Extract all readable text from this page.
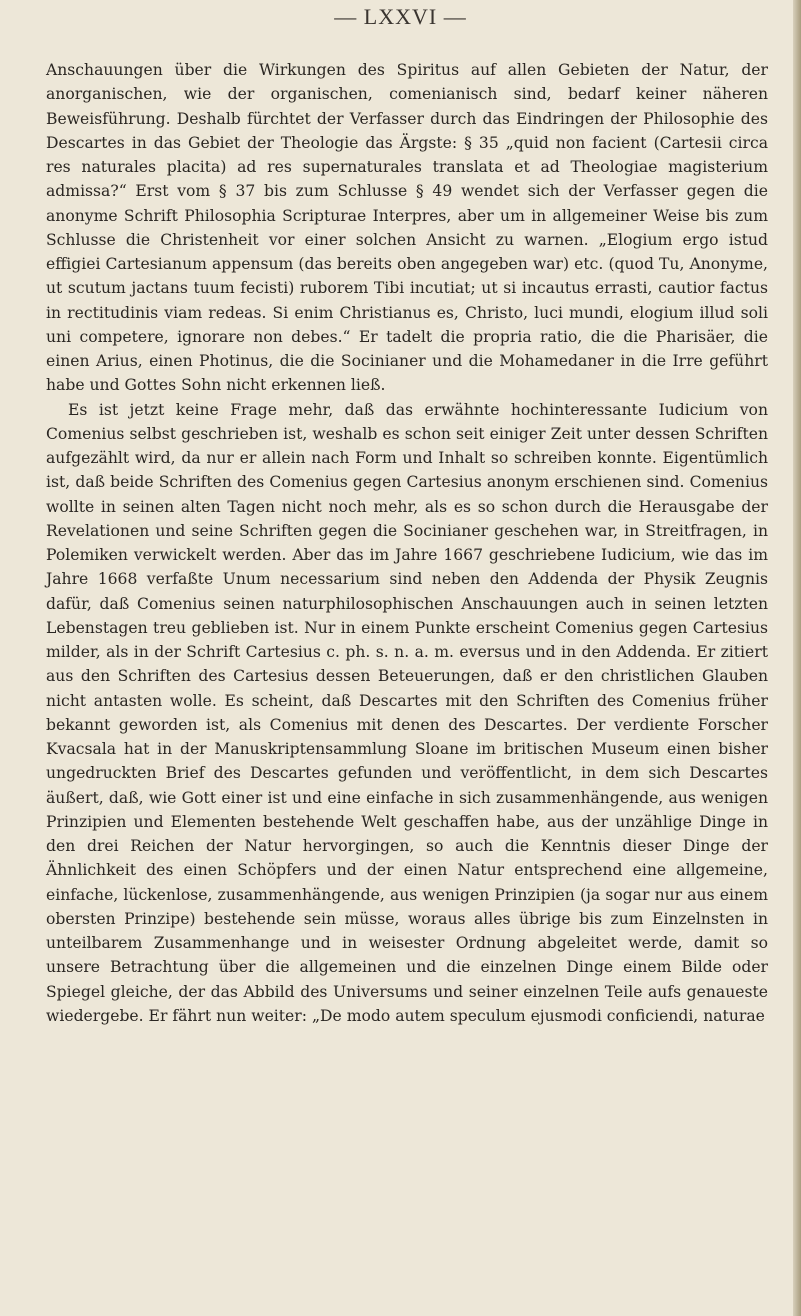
— LXXVI —

Anschauungen über die Wirkungen des Spiritus auf allen Gebieten der Natur, der anorganischen, wie der organischen, comenianisch sind, bedarf keiner näheren Beweisführung. Deshalb fürchtet der Verfasser durch das Eindringen der Philosophie des Descartes in das Gebiet der Theologie das Ärgste: § 35 „quid non facient (Cartesii circa res naturales placita) ad res supernaturales translata et ad Theologiae magisterium admissa?“ Erst vom § 37 bis zum Schlusse § 49 wendet sich der Verfasser gegen die anonyme Schrift Philosophia Scripturae Interpres, aber um in allgemeiner Weise bis zum Schlusse die Christenheit vor einer solchen Ansicht zu warnen. „Elogium ergo istud effigiei Cartesianum appensum (das bereits oben angegeben war) etc. (quod Tu, Anonyme, ut scutum jactans tuum fecisti) ruborem Tibi incutiat; ut si incautus errasti, cautior factus in rectitudinis viam redeas. Si enim Christianus es, Christo, luci mundi, elogium illud soli uni competere, ignorare non debes.“ Er tadelt die propria ratio, die die Pharisäer, die einen Arius, einen Photinus, die die Socinianer und die Mohamedaner in die Irre geführt habe und Gottes Sohn nicht erkennen ließ.

Es ist jetzt keine Frage mehr, daß das erwähnte hochinteressante Iudicium von Comenius selbst geschrieben ist, weshalb es schon seit einiger Zeit unter dessen Schriften aufgezählt wird, da nur er allein nach Form und Inhalt so schreiben konnte. Eigentümlich ist, daß beide Schriften des Comenius gegen Cartesius anonym erschienen sind. Comenius wollte in seinen alten Tagen nicht noch mehr, als es so schon durch die Herausgabe der Revelationen und seine Schriften gegen die Socinianer geschehen war, in Streitfragen, in Polemiken verwickelt werden. Aber das im Jahre 1667 geschriebene Iudicium, wie das im Jahre 1668 verfaßte Unum necessarium sind neben den Addenda der Physik Zeugnis dafür, daß Comenius seinen naturphilosophischen Anschauungen auch in seinen letzten Lebenstagen treu geblieben ist. Nur in einem Punkte erscheint Comenius gegen Cartesius milder, als in der Schrift Cartesius c. ph. s. n. a. m. eversus und in den Addenda. Er zitiert aus den Schriften des Cartesius dessen Beteuerungen, daß er den christlichen Glauben nicht antasten wolle. Es scheint, daß Descartes mit den Schriften des Comenius früher bekannt geworden ist, als Comenius mit denen des Descartes. Der verdiente Forscher Kvacsala hat in der Manuskriptensammlung Sloane im britischen Museum einen bisher ungedruckten Brief des Descartes gefunden und veröffentlicht, in dem sich Descartes äußert, daß, wie Gott einer ist und eine einfache in sich zusammenhängende, aus wenigen Prinzipien und Elementen bestehende Welt geschaffen habe, aus der unzählige Dinge in den drei Reichen der Natur hervorgingen, so auch die Kenntnis dieser Dinge der Ähnlichkeit des einen Schöpfers und der einen Natur entsprechend eine allgemeine, einfache, lückenlose, zusammenhängende, aus wenigen Prinzipien (ja sogar nur aus einem obersten Prinzipe) bestehende sein müsse, woraus alles übrige bis zum Einzelnsten in unteilbarem Zusammenhange und in weisester Ordnung abgeleitet werde, damit so unsere Betrachtung über die allgemeinen und die einzelnen Dinge einem Bilde oder Spiegel gleiche, der das Abbild des Universums und seiner einzelnen Teile aufs genaueste wiedergebe. Er fährt nun weiter: „De modo autem speculum ejusmodi conficiendi, naturae
